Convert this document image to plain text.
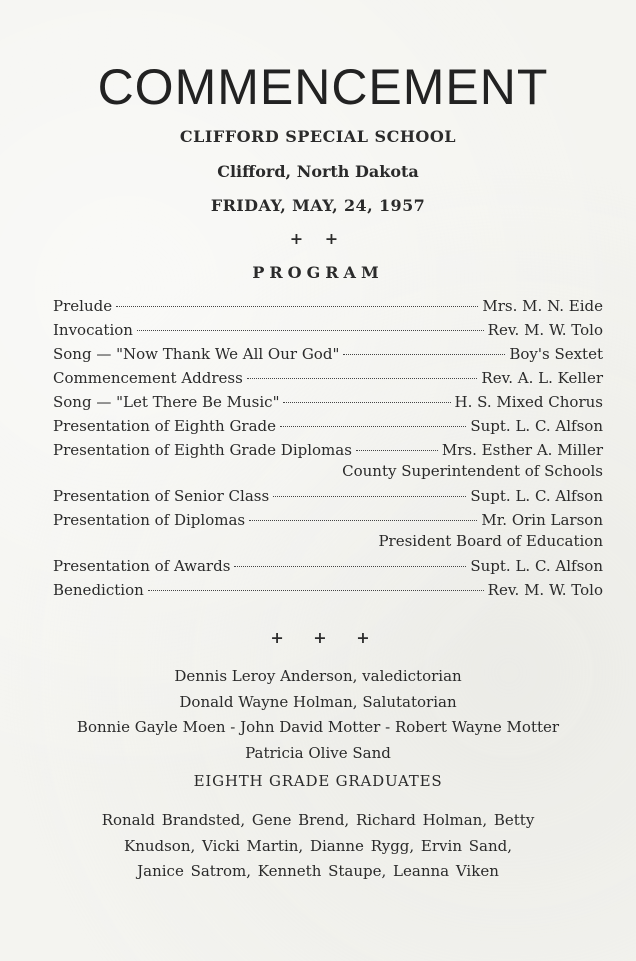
COMMENCEMENT
CLIFFORD SPECIAL SCHOOL
Clifford, North Dakota
FRIDAY, MAY, 24, 1957
+ +
PROGRAM
Prelude	Mrs. M. N. Eide
Invocation	Rev. M. W. Tolo
Song — "Now Thank We All Our God"	Boy's Sextet
Commencement Address	Rev. A. L. Keller
Song — "Let There Be Music"	H. S. Mixed Chorus
Presentation of Eighth Grade	Supt. L. C. Alfson
Presentation of Eighth Grade Diplomas	Mrs. Esther A. Miller
County Superintendent of Schools
Presentation of Senior Class	Supt. L. C. Alfson
Presentation of Diplomas	Mr. Orin Larson
President Board of Education
Presentation of Awards	Supt. L. C. Alfson
Benediction	Rev. M. W. Tolo
+ + +
Dennis Leroy Anderson, valedictorian
Donald Wayne Holman, Salutatorian
Bonnie Gayle Moen - John David Motter - Robert Wayne Motter
Patricia Olive Sand
EIGHTH GRADE GRADUATES
Ronald Brandsted, Gene Brend, Richard Holman, Betty
Knudson, Vicki Martin, Dianne Rygg, Ervin Sand,
Janice Satrom, Kenneth Staupe, Leanna Viken
